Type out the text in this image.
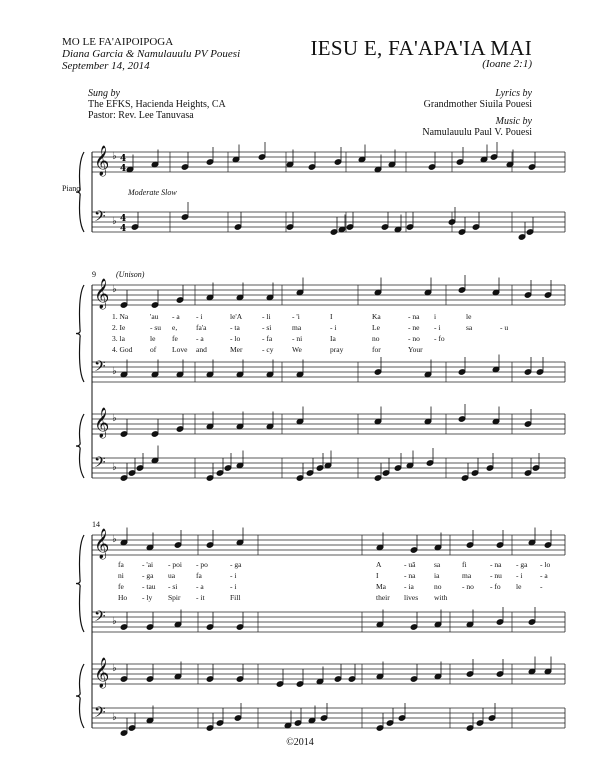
MO LE FA'AIPOIPOGA
Diana Garcia & Namulauulu PV Pouesi
September 14, 2014
IESU E, FA'APA'IA MAI
(Ioane 2:1)
Sung by
The EFKS, Hacienda Heights, CA
Pastor: Rev. Lee Tanuvasa
Lyrics by
Grandmother Siuila Pouesi
Music by
Namulauulu Paul V. Pouesi
𝄞
𝄢
♭
♭
4
4
4
4
𝄞
𝄢
𝄞
𝄢
♭
♭
♭
♭
𝄞
𝄢
𝄞
𝄢
♭
♭
♭
♭
Piano	Moderate Slow
9	(Unison)
14
1. Na	'au - a - i	le'A	- li	- 'i	I	Ka	- na i	le
2. Ie	- su e,	fa'a	- ta	- si	ma	- i	Le	- ne - i	sa	- u
3. la	le fe - a	- lo	- fa	- ni	Ia	no	- no - fo
4. God of Love and	Mer	- cy We	pray	for	Your
fa - 'ai - poi - po	- ga	A	- uā sa	fi	- na - ga - lo
ni - ga ua	fa	- i	I	- na ia	ma	- nu - i - a
fe - tau - si - a	- i	Ma - ia	no	- no - fo le -
Ho - ly Spir - it	Fill	their lives with
©2014
